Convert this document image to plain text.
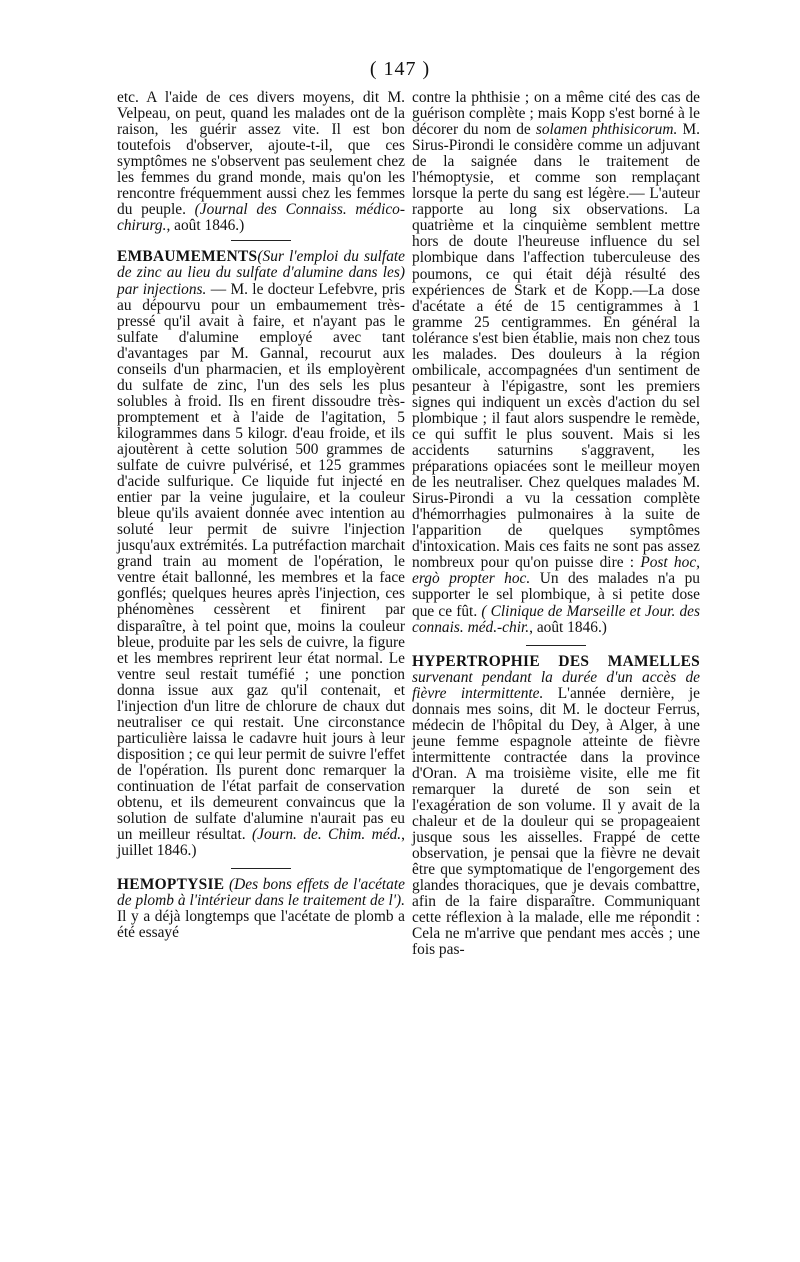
( 147 )

etc. A l'aide de ces divers moyens, dit M. Velpeau, on peut, quand les malades ont de la raison, les guérir assez vite. Il est bon toutefois d'observer, ajoute-t-il, que ces symptômes ne s'observent pas seulement chez les femmes du grand monde, mais qu'on les rencontre fréquemment aussi chez les femmes du peuple. (Journal des Connaiss. médico-chirurg., août 1846.)

EMBAUMEMENTS(Sur l'emploi du sulfate de zinc au lieu du sulfate d'alumine dans les) par injections. — M. le docteur Lefebvre, pris au dépourvu pour un embaumement très-pressé qu'il avait à faire, et n'ayant pas le sulfate d'alumine employé avec tant d'avantages par M. Gannal, recourut aux conseils d'un pharmacien, et ils employèrent du sulfate de zinc, l'un des sels les plus solubles à froid. Ils en firent dissoudre très-promptement et à l'aide de l'agitation, 5 kilogrammes dans 5 kilogr. d'eau froide, et ils ajoutèrent à cette solution 500 grammes de sulfate de cuivre pulvérisé, et 125 grammes d'acide sulfurique. Ce liquide fut injecté en entier par la veine jugulaire, et la couleur bleue qu'ils avaient donnée avec intention au soluté leur permit de suivre l'injection jusqu'aux extrémités. La putréfaction marchait grand train au moment de l'opération, le ventre était ballonné, les membres et la face gonflés; quelques heures après l'injection, ces phénomènes cessèrent et finirent par disparaître, à tel point que, moins la couleur bleue, produite par les sels de cuivre, la figure et les membres reprirent leur état normal. Le ventre seul restait tuméfié ; une ponction donna issue aux gaz qu'il contenait, et l'injection d'un litre de chlorure de chaux dut neutraliser ce qui restait. Une circonstance particulière laissa le cadavre huit jours à leur disposition ; ce qui leur permit de suivre l'effet de l'opération. Ils purent donc remarquer la continuation de l'état parfait de conservation obtenu, et ils demeurent convaincus que la solution de sulfate d'alumine n'aurait pas eu un meilleur résultat. (Journ. de. Chim. méd., juillet 1846.)

HEMOPTYSIE (Des bons effets de l'acétate de plomb à l'intérieur dans le traitement de l'). Il y a déjà longtemps que l'acétate de plomb a été essayé

contre la phthisie ; on a même cité des cas de guérison complète ; mais Kopp s'est borné à le décorer du nom de solamen phthisicorum. M. Sirus-Pirondi le considère comme un adjuvant de la saignée dans le traitement de l'hémoptysie, et comme son remplaçant lorsque la perte du sang est légère.— L'auteur rapporte au long six observations. La quatrième et la cinquième semblent mettre hors de doute l'heureuse influence du sel plombique dans l'affection tuberculeuse des poumons, ce qui était déjà résulté des expériences de Stark et de Kopp.—La dose d'acétate a été de 15 centigrammes à 1 gramme 25 centigrammes. En général la tolérance s'est bien établie, mais non chez tous les malades. Des douleurs à la région ombilicale, accompagnées d'un sentiment de pesanteur à l'épigastre, sont les premiers signes qui indiquent un excès d'action du sel plombique ; il faut alors suspendre le remède, ce qui suffit le plus souvent. Mais si les accidents saturnins s'aggravent, les préparations opiacées sont le meilleur moyen de les neutraliser. Chez quelques malades M. Sirus-Pirondi a vu la cessation complète d'hémorrhagies pulmonaires à la suite de l'apparition de quelques symptômes d'intoxication. Mais ces faits ne sont pas assez nombreux pour qu'on puisse dire : Post hoc, ergò propter hoc. Un des malades n'a pu supporter le sel plombique, à si petite dose que ce fût. ( Clinique de Marseille et Jour. des connais. méd.-chir., août 1846.)

HYPERTROPHIE DES MAMELLES survenant pendant la durée d'un accès de fièvre intermittente. L'année dernière, je donnais mes soins, dit M. le docteur Ferrus, médecin de l'hôpital du Dey, à Alger, à une jeune femme espagnole atteinte de fièvre intermittente contractée dans la province d'Oran. A ma troisième visite, elle me fit remarquer la dureté de son sein et l'exagération de son volume. Il y avait de la chaleur et de la douleur qui se propageaient jusque sous les aisselles. Frappé de cette observation, je pensai que la fièvre ne devait être que symptomatique de l'engorgement des glandes thoraciques, que je devais combattre, afin de la faire disparaître. Communiquant cette réflexion à la malade, elle me répondit : Cela ne m'arrive que pendant mes accès ; une fois pas-
